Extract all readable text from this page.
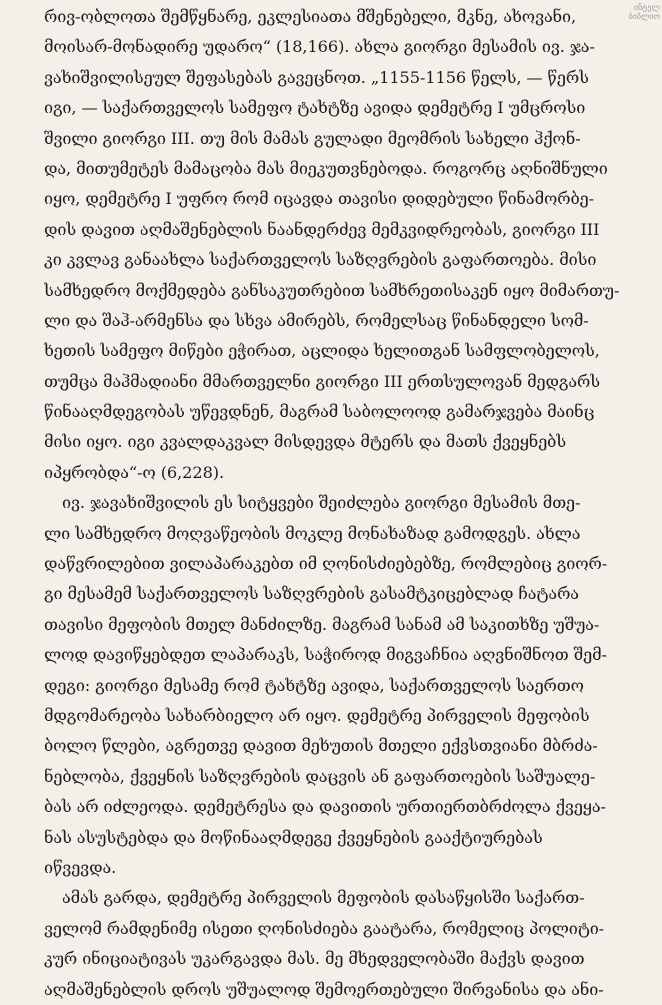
რივ-ობლოთა შემწყნარე, ეკლესიათა მშენებელი, მკნე, ახოვანი,
მოისარ-მონადირე უდარო“ (18,166). ახლა გიორგი მესამის ივ. ჯა-
ვახიშვილისეულ შეფასებას გავეცნოთ. „1155-1156 წელს, — წერს
იგი, — საქართველოს სამეფო ტახტზე ავიდა დემეტრე I უმცროსი
შვილი გიორგი III. თუ მის მამას გულადი მეომრის სახელი ჰქონ-
და, მითუმეტეს მამაცობა მას მიეკუთვნებოდა. როგორც აღნიშნული
იყო, დემეტრე I უფრო რომ იცავდა თავისი დიდებული წინამორბე-
დის დავით აღმაშენებლის ნაანდერძევ მემკვიდრეობას, გიორგი III
კი კვლავ განაახლა საქართველოს საზღვრების გაფართოება. მისი
სამხედრო მოქმედება განსაკუთრებით სამხრეთისაკენ იყო მიმართუ-
ლი და შაჰ-არმენსა და სხვა ამირებს, რომელსაც წინანდელი სომ-
ხეთის სამეფო მიწები ეჭირათ, აცლიდა ხელითგან სამფლობელოს,
თუმცა მაჰმადიანი მმართველნი გიორგი III ერთსულოვან მედგარს
წინააღმდეგობას უწევდნენ, მაგრამ საბოლოოდ გამარჯვება მაინც
მისი იყო. იგი კვალდაკვალ მისდევდა მტერს და მათს ქვეყნებს
იპყრობდა“-ო (6,228).
ივ. ჯავახიშვილის ეს სიტყვები შეიძლება გიორგი მესამის მთე-
ლი სამხედრო მოღვაწეობის მოკლე მონახაზად გამოდგეს. ახლა
დაწვრილებით ვილაპარაკებთ იმ ღონისძიებებზე, რომლებიც გიორ-
გი მესამემ საქართველოს საზღვრების გასამტკიცებლად ჩატარა
თავისი მეფობის მთელ მანძილზე. მაგრამ სანამ ამ საკითხზე უშუა-
ლოდ დავიწყებდეთ ლაპარაკს, საჭიროდ მიგვაჩნია აღვნიშნოთ შემ-
დეგი: გიორგი მესამე რომ ტახტზე ავიდა, საქართველოს საერთო
მდგომარეობა სახარბიელო არ იყო. დემეტრე პირველის მეფობის
ბოლო წლები, აგრეთვე დავით მეხუთის მთელი ექვსთვიანი მბრძა-
ნებლობა, ქვეყნის საზღვრების დაცვის ან გაფართოების საშუალე-
ბას არ იძლეოდა. დემეტრესა და დავითის ურთიერთბრძოლა ქვეყა-
ნას ასუსტებდა და მოწინააღმდეგე ქვეყნების გააქტიურებას
იწვევდა.
ამას გარდა, დემეტრე პირველის მეფობის დასაწყისში საქართ-
ველომ რამდენიმე ისეთი ღონისძიება გაატარა, რომელიც პოლიტი-
კურ ინიციატივას უკარგავდა მას. მე მხედველობაში მაქვს დავით
აღმაშენებლის დროს უშუალოდ შემოერთებული შირვანისა და ანი-
ინტელ
ბიბლიო
